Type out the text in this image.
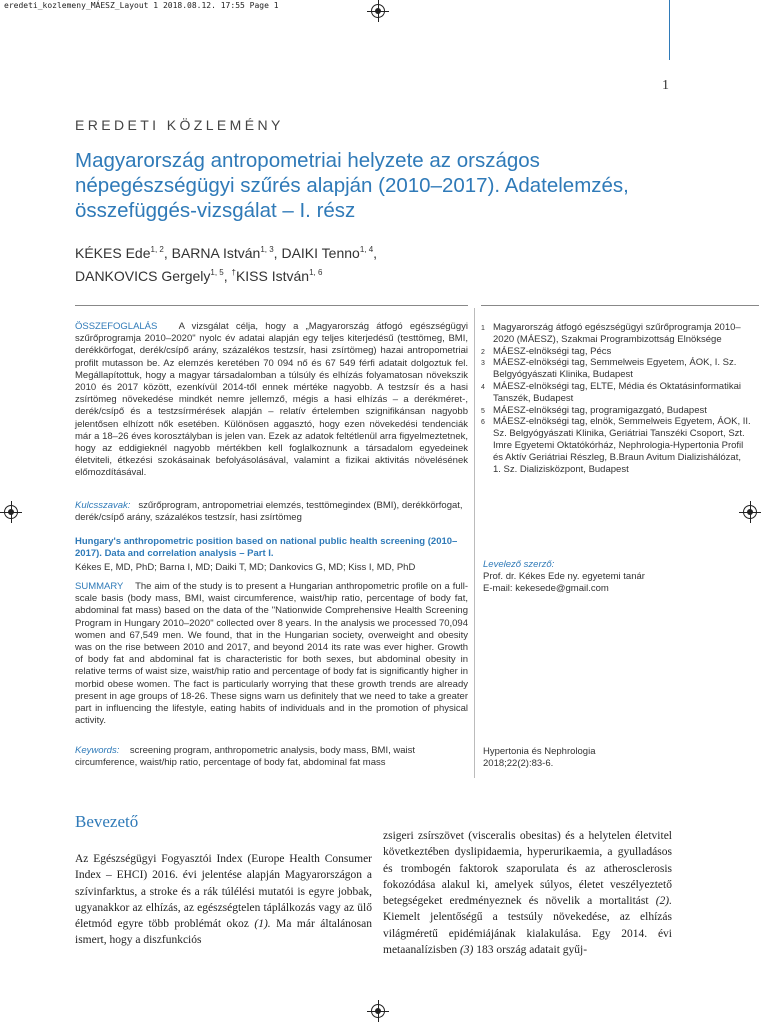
eredeti_kozlemeny_MÁESZ_Layout 1 2018.08.12. 17:55 Page 1
1
EREDETI KÖZLEMÉNY
Magyarország antropometriai helyzete az országos népegészségügyi szűrés alapján (2010–2017). Adatelemzés, összefüggés-vizsgálat – I. rész
KÉKES Ede$^{1, 2}$, BARNA István$^{1, 3}$, DAIKI Tenno$^{1, 4}$,
DANKOVICS Gergely$^{1, 5}$, †KISS István$^{1, 6}$
ÖSSZEFOGLALÁS A vizsgálat célja, hogy a „Magyarország átfogó egészségügyi szűrőprogramja 2010–2020" nyolc év adatai alapján egy teljes kiterjedésű (testtömeg, BMI, derékkörfogat, derék/csípő arány, százalékos testzsír, hasi zsírtömeg) hazai antropometriai profilt mutasson be. Az elemzés keretében 70 094 nő és 67 549 férfi adatait dolgoztuk fel. Megállapítottuk, hogy a magyar társadalomban a túlsúly és elhízás folyamatosan növekszik 2010 és 2017 között, ezenkívül 2014-től ennek mértéke nagyobb. A testzsír és a hasi zsírtömeg növekedése mindkét nemre jellemző, mégis a hasi elhízás – a derékméret-, derék/csípő és a testzsírmérések alapján – relatív értelemben szignifikánsan nagyobb jelentősen elhízott nők esetében. Különösen aggasztó, hogy ezen növekedési tendenciák már a 18–26 éves korosztályban is jelen van. Ezek az adatok feltétlenül arra figyelmeztetnek, hogy az eddigieknél nagyobb mértékben kell foglalkoznunk a társadalom egyedeinek életviteli, étkezési szokásainak befolyásolásával, valamint a fizikai aktivitás növelésének előmozdításával.
Kulcsszavak: szűrőprogram, antropometriai elemzés, testtömegindex (BMI), derékkörfogat, derék/csípő arány, százalékos testzsír, hasi zsírtömeg
Hungary's anthropometric position based on national public health screening (2010–2017). Data and correlation analysis – Part I.
Kékes E, MD, PhD; Barna I, MD; Daiki T, MD; Dankovics G, MD; Kiss I, MD, PhD
SUMMARY The aim of the study is to present a Hungarian anthropometric profile on a full-scale basis (body mass, BMI, waist circumference, waist/hip ratio, percentage of body fat, abdominal fat mass) based on the data of the "Nationwide Comprehensive Health Screening Program in Hungary 2010–2020" collected over 8 years. In the analysis we processed 70,094 women and 67,549 men. We found, that in the Hungarian society, overweight and obesity was on the rise between 2010 and 2017, and beyond 2014 its rate was ever higher. Growth of body fat and abdominal fat is characteristic for both sexes, but abdominal obesity in relative terms of waist size, waist/hip ratio and percentage of body fat is significantly higher in morbid obese women. The fact is particularly worrying that these growth trends are already present in age groups of 18-26. These signs warn us definitely that we need to take a greater part in influencing the lifestyle, eating habits of individuals and in the promotion of physical activity.
Keywords: screening program, anthropometric analysis, body mass, BMI, waist circumference, waist/hip ratio, percentage of body fat, abdominal fat mass
1 Magyarország átfogó egészségügyi szűrőprogramja 2010–2020 (MÁESZ), Szakmai Programbizottság Elnöksége
2 MÁESZ-elnökségi tag, Pécs
3 MÁESZ-elnökségi tag, Semmelweis Egyetem, ÁOK, I. Sz. Belgyógyászati Klinika, Budapest
4 MÁESZ-elnökségi tag, ELTE, Média és Oktatásinformatikai Tanszék, Budapest
5 MÁESZ-elnökségi tag, programigazgató, Budapest
6 MÁESZ-elnökségi tag, elnök, Semmelweis Egyetem, ÁOK, II. Sz. Belgyógyászati Klinika, Geriátriai Tanszéki Csoport, Szt. Imre Egyetemi Oktatókórház, Nephrologia-Hypertonia Profil és Aktív Geriátriai Részleg, B.Braun Avitum Dializishálózat, 1. Sz. Dializisközpont, Budapest
Levelező szerző:
Prof. dr. Kékes Ede ny. egyetemi tanár
E-mail: kekesede@gmail.com
Hypertonia és Nephrologia
2018;22(2):83-6.
Bevezető

Az Egészségügyi Fogyasztói Index (Europe Health Consumer Index – EHCI) 2016. évi jelentése alapján Magyarországon a szívinfarktus, a stroke és a rák túlélési mutatói is egyre jobbak, ugyanakkor az elhízás, az egészségtelen táplálkozás vagy az ülő életmód egyre több problémát okoz (1). Ma már általánosan ismert, hogy a diszfunkciós

zsigeri zsírszövet (visceralis obesitas) és a helytelen életvitel következtében dyslipidaemia, hyperurikaemia, a gyulladásos és trombogén faktorok szaporulata és az atherosclerosis fokozódása alakul ki, amelyek súlyos, életet veszélyeztető betegségeket eredményeznek és növelik a mortalitást (2). Kiemelt jelentőségű a testsúly növekedése, az elhízás világméretű epidémiájának kialakulása. Egy 2014. évi metaanalízisben (3) 183 ország adatait gyűj-
